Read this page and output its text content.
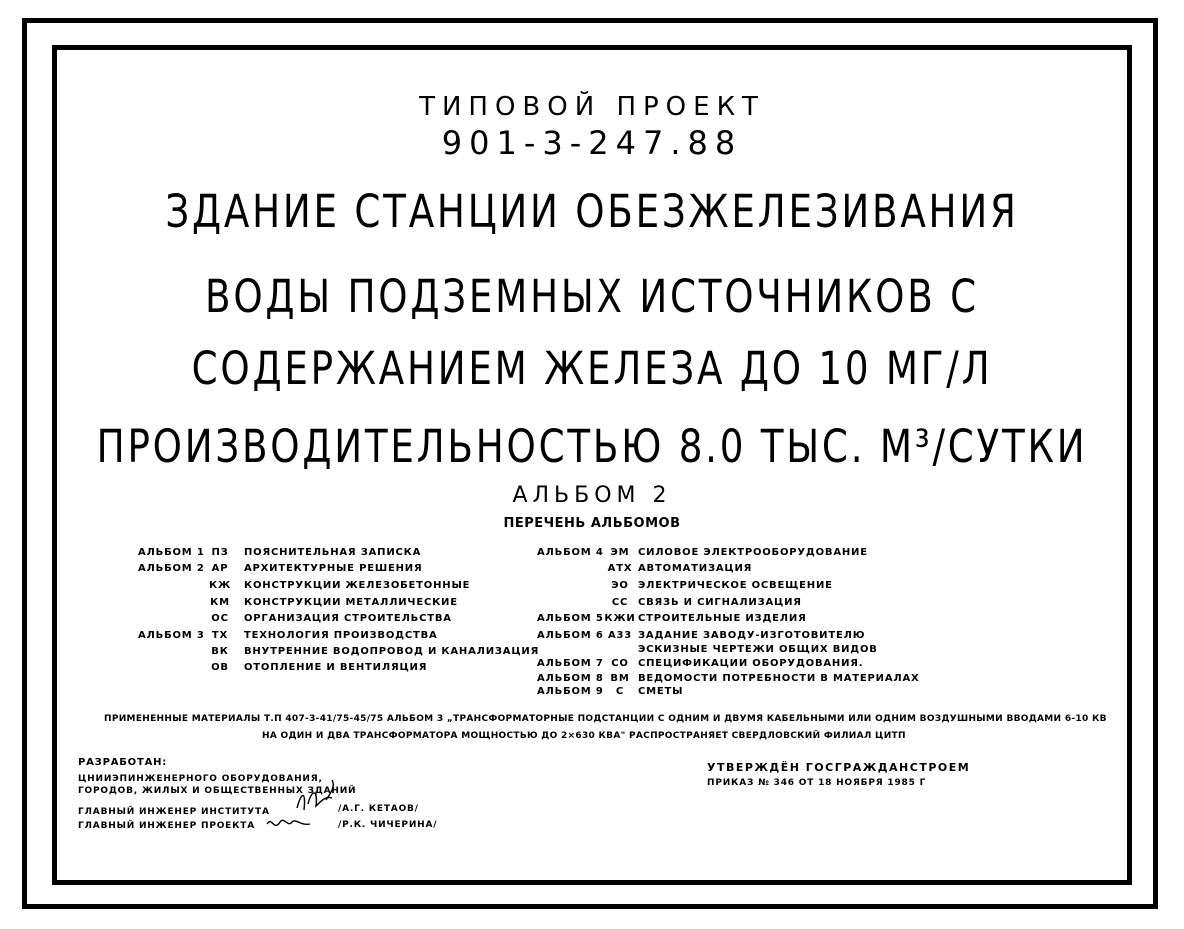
ТИПОВОЙ ПРОЕКТ
901-3-247.88
ЗДАНИЕ СТАНЦИИ ОБЕЗЖЕЛЕЗИВАНИЯ
ВОДЫ ПОДЗЕМНЫХ ИСТОЧНИКОВ С
СОДЕРЖАНИЕМ ЖЕЛЕЗА ДО 10 МГ/Л
ПРОИЗВОДИТЕЛЬНОСТЬЮ 8.0 ТЫС. М³/СУТКИ
АЛЬБОМ 2
ПЕРЕЧЕНЬ АЛЬБОМОВ
АЛЬБОМ 1 ПЗ	ПОЯСНИТЕЛЬНАЯ ЗАПИСКА
АЛЬБОМ 2 АР	АРХИТЕКТУРНЫЕ РЕШЕНИЯ
КЖ	КОНСТРУКЦИИ ЖЕЛЕЗОБЕТОННЫЕ
КМ	КОНСТРУКЦИИ МЕТАЛЛИЧЕСКИЕ
ОС	ОРГАНИЗАЦИЯ СТРОИТЕЛЬСТВА
АЛЬБОМ 3 ТХ	ТЕХНОЛОГИЯ ПРОИЗВОДСТВА
ВК	ВНУТРЕННИЕ ВОДОПРОВОД И КАНАЛИЗАЦИЯ
ОВ	ОТОПЛЕНИЕ И ВЕНТИЛЯЦИЯ
АЛЬБОМ 4 ЭМ СИЛОВОЕ ЭЛЕКТРООБОРУДОВАНИЕ
АТХ АВТОМАТИЗАЦИЯ
ЭО ЭЛЕКТРИЧЕСКОЕ ОСВЕЩЕНИЕ
СС СВЯЗЬ И СИГНАЛИЗАЦИЯ
АЛЬБОМ 5 КЖИ СТРОИТЕЛЬНЫЕ ИЗДЕЛИЯ
АЛЬБОМ 6 А33 ЗАДАНИЕ ЗАВОДУ-ИЗГОТОВИТЕЛЮ
ЭСКИЗНЫЕ ЧЕРТЕЖИ ОБЩИХ ВИДОВ
АЛЬБОМ 7 СО СПЕЦИФИКАЦИИ ОБОРУДОВАНИЯ.
АЛЬБОМ 8 ВМ ВЕДОМОСТИ ПОТРЕБНОСТИ В МАТЕРИАЛАХ
АЛЬБОМ 9	С	СМЕТЫ
ПРИМЕНЕННЫЕ МАТЕРИАЛЫ Т.П 407-3-41/75-45/75 АЛЬБОМ 3 „ТРАНСФОРМАТОРНЫЕ ПОДСТАНЦИИ С ОДНИМ И ДВУМЯ КАБЕЛЬНЫМИ ИЛИ ОДНИМ ВОЗДУШНЫМИ ВВОДАМИ 6-10 КВ
НА ОДИН И ДВА ТРАНСФОРМАТОРА МОЩНОСТЬЮ ДО 2×630 КВА" РАСПРОСТРАНЯЕТ СВЕРДЛОВСКИЙ ФИЛИАЛ ЦИТП
РАЗРАБОТАН:
ЦНИИЭПИНЖЕНЕРНОГО ОБОРУДОВАНИЯ,
ГОРОДОВ, ЖИЛЫХ И ОБЩЕСТВЕННЫХ ЗДАНИЙ
ГЛАВНЫЙ ИНЖЕНЕР ИНСТИТУТА
ГЛАВНЫЙ ИНЖЕНЕР ПРОЕКТА
/А.Г. КЕТАОВ/
/Р.К. ЧИЧЕРИНА/
УТВЕРЖДЁН ГОСГРАЖДАНСТРОЕМ
ПРИКАЗ № 346 ОТ 18 НОЯБРЯ 1985 Г
